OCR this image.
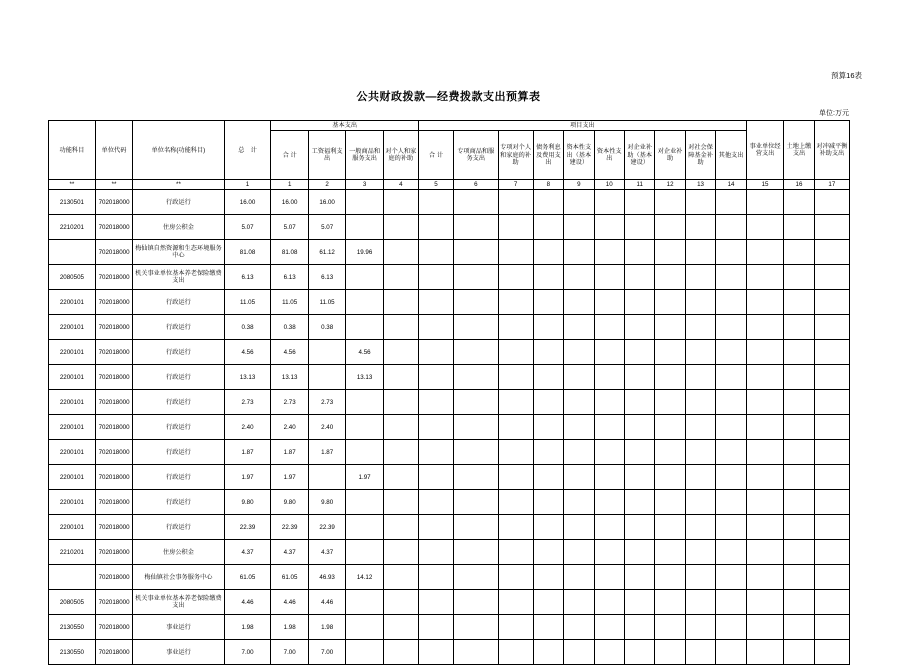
预算16表
公共财政拨款—经费拨款支出预算表
单位:万元
功能科目	单位代码	单位名称(功能科目)	总　计	基本支出				项目支出										事业单位经营支出	土地上缴支出	对冲减平衡补助支出
				合 计	工资福利支出	一般商品和服务支出	对个人和家庭的补助	合 计	专项商品和服务支出	专项对个人和家庭的补助	债务利息及费用支出	资本性支出（基本建设）	资本性支出	对企业补助（基本建设）	对企业补助	对社会保障基金补助	其他支出			

**	**	**	1	1	2	3	4	5	6	7	8	9	10	11	12	13	14	15	16	17
2130501	702018000	行政运行	16.00	16.00	16.00															
2210201	702018000	住房公积金	5.07	5.07	5.07															
	702018000	梅仙镇自然资源和生态环境服务中心	81.08	81.08	61.12	19.96														
2080505	702018000	机关事业单位基本养老保险缴费支出	6.13	6.13	6.13															
2200101	702018000	行政运行	11.05	11.05	11.05															
2200101	702018000	行政运行	0.38	0.38	0.38															
2200101	702018000	行政运行	4.56	4.56		4.56														
2200101	702018000	行政运行	13.13	13.13		13.13														
2200101	702018000	行政运行	2.73	2.73	2.73															
2200101	702018000	行政运行	2.40	2.40	2.40															
2200101	702018000	行政运行	1.87	1.87	1.87															
2200101	702018000	行政运行	1.97	1.97		1.97														
2200101	702018000	行政运行	9.80	9.80	9.80															
2200101	702018000	行政运行	22.39	22.39	22.39															
2210201	702018000	住房公积金	4.37	4.37	4.37															
	702018000	梅仙镇社会事务服务中心	61.05	61.05	46.93	14.12														
2080505	702018000	机关事业单位基本养老保险缴费支出	4.46	4.46	4.46															
2130550	702018000	事业运行	1.98	1.98	1.98															
2130550	702018000	事业运行	7.00	7.00	7.00															
